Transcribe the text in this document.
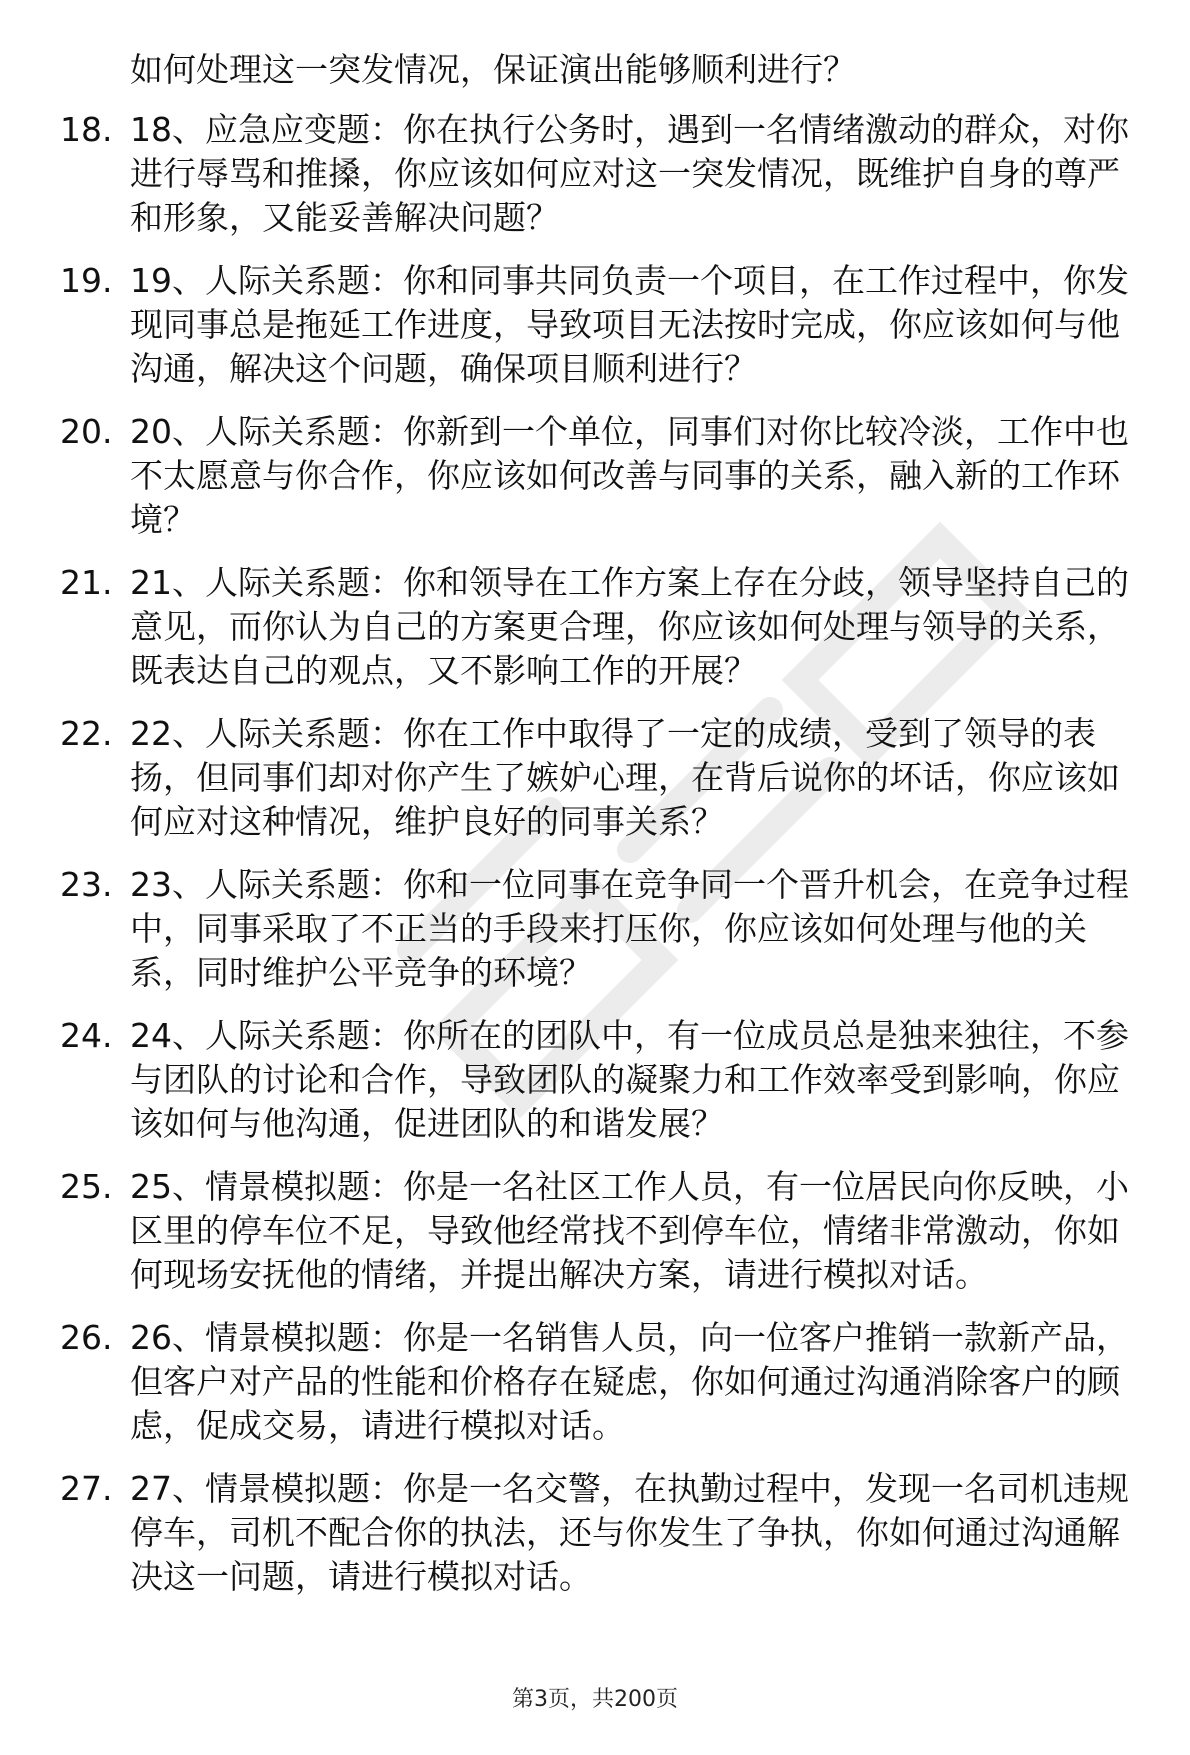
如何处理这一突发情况，保证演出能够顺利进行？
18. 18、应急应变题：你在执行公务时，遇到一名情绪激动的群众，对你进行辱骂和推搡，你应该如何应对这一突发情况，既维护自身的尊严和形象，又能妥善解决问题？
19. 19、人际关系题：你和同事共同负责一个项目，在工作过程中，你发现同事总是拖延工作进度，导致项目无法按时完成，你应该如何与他沟通，解决这个问题，确保项目顺利进行？
20. 20、人际关系题：你新到一个单位，同事们对你比较冷淡，工作中也不太愿意与你合作，你应该如何改善与同事的关系，融入新的工作环境？
21. 21、人际关系题：你和领导在工作方案上存在分歧，领导坚持自己的意见，而你认为自己的方案更合理，你应该如何处理与领导的关系，既表达自己的观点，又不影响工作的开展？
22. 22、人际关系题：你在工作中取得了一定的成绩，受到了领导的表扬，但同事们却对你产生了嫉妒心理，在背后说你的坏话，你应该如何应对这种情况，维护良好的同事关系？
23. 23、人际关系题：你和一位同事在竞争同一个晋升机会，在竞争过程中，同事采取了不正当的手段来打压你，你应该如何处理与他的关系，同时维护公平竞争的环境？
24. 24、人际关系题：你所在的团队中，有一位成员总是独来独往，不参与团队的讨论和合作，导致团队的凝聚力和工作效率受到影响，你应该如何与他沟通，促进团队的和谐发展？
25. 25、情景模拟题：你是一名社区工作人员，有一位居民向你反映，小区里的停车位不足，导致他经常找不到停车位，情绪非常激动，你如何现场安抚他的情绪，并提出解决方案，请进行模拟对话。
26. 26、情景模拟题：你是一名销售人员，向一位客户推销一款新产品，但客户对产品的性能和价格存在疑虑，你如何通过沟通消除客户的顾虑，促成交易，请进行模拟对话。
27. 27、情景模拟题：你是一名交警，在执勤过程中，发现一名司机违规停车，司机不配合你的执法，还与你发生了争执，你如何通过沟通解决这一问题，请进行模拟对话。
第3页，共200页
